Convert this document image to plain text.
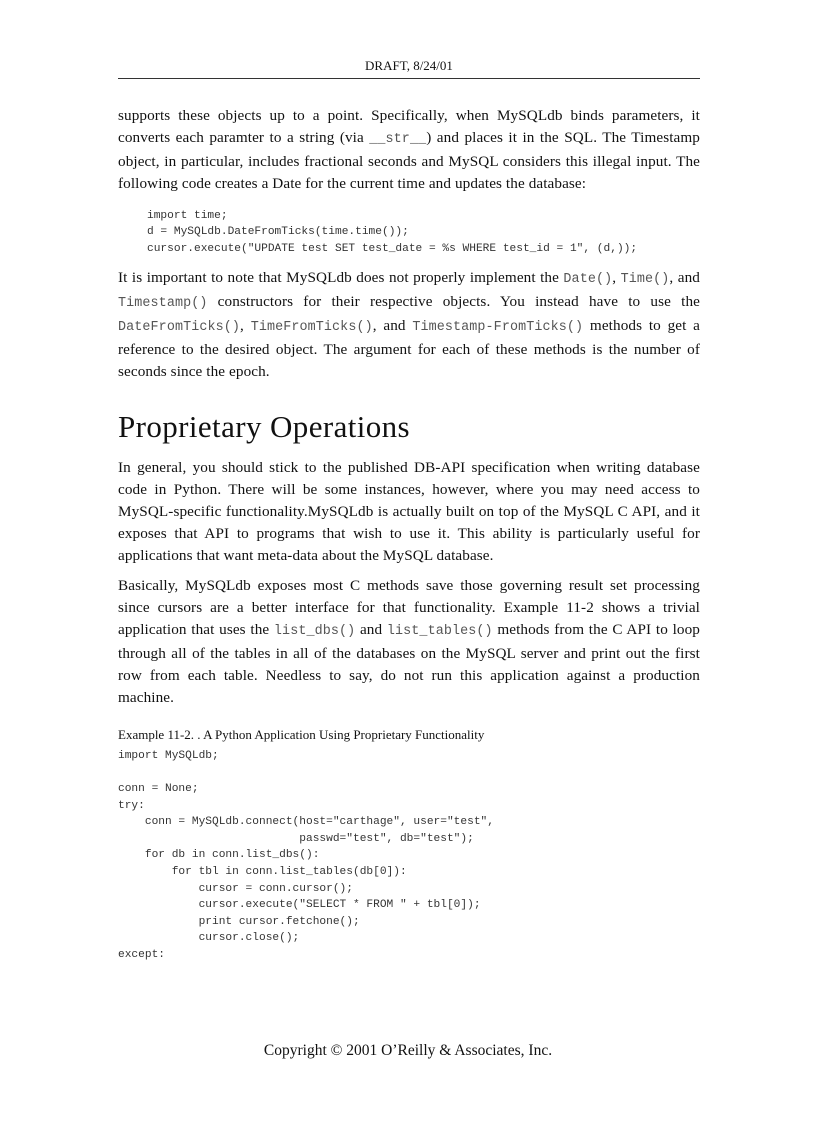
DRAFT, 8/24/01

supports these objects up to a point. Specifically, when MySQLdb binds parameters, it converts each paramter to a string (via __str__) and places it in the SQL. The Timestamp object, in particular, includes fractional seconds and MySQL considers this illegal input. The following code creates a Date for the current time and updates the database:

import time;
d = MySQLdb.DateFromTicks(time.time());
cursor.execute("UPDATE test SET test_date = %s WHERE test_id = 1", (d,));

It is important to note that MySQLdb does not properly implement the Date(), Time(), and Timestamp() constructors for their respective objects. You instead have to use the DateFromTicks(), TimeFromTicks(), and Timestamp-FromTicks() methods to get a reference to the desired object. The argument for each of these methods is the number of seconds since the epoch.

Proprietary Operations

In general, you should stick to the published DB-API specification when writing database code in Python. There will be some instances, however, where you may need access to MySQL-specific functionality.MySQLdb is actually built on top of the MySQL C API, and it exposes that API to programs that wish to use it. This ability is particularly useful for applications that want meta-data about the MySQL database.

Basically, MySQLdb exposes most C methods save those governing result set processing since cursors are a better interface for that functionality. Example 11-2 shows a trivial application that uses the list_dbs() and list_tables() methods from the C API to loop through all of the tables in all of the databases on the MySQL server and print out the first row from each table. Needless to say, do not run this application against a production machine.

Example 11-2. . A Python Application Using Proprietary Functionality
import MySQLdb;

conn = None;
try:
conn = MySQLdb.connect(host="carthage", user="test",
passwd="test", db="test");
for db in conn.list_dbs():
for tbl in conn.list_tables(db[0]):
cursor = conn.cursor();
cursor.execute("SELECT * FROM " + tbl[0]);
print cursor.fetchone();
cursor.close();
except:
Copyright © 2001 O’Reilly & Associates, Inc.
